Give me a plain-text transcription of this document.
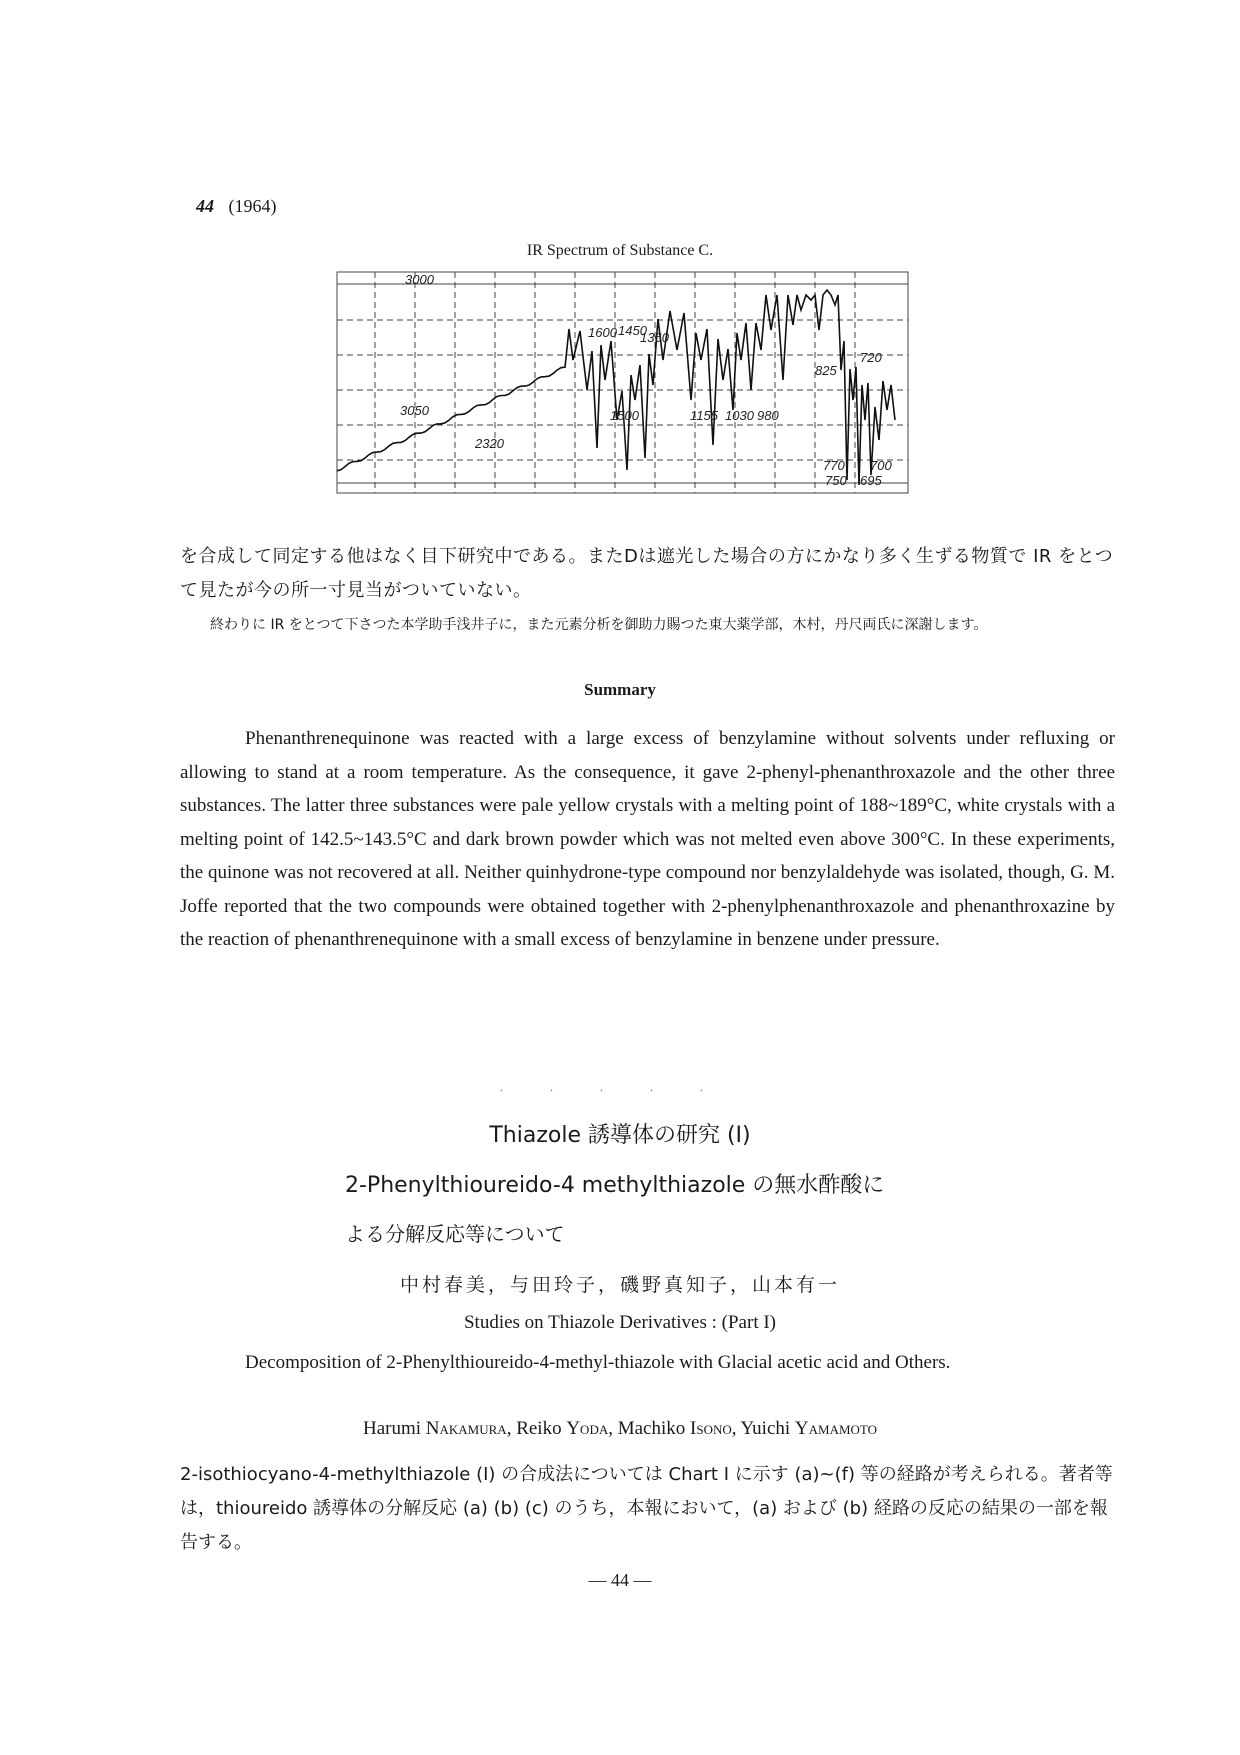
44 (1964)
IR Spectrum of Substance C.
3000
3050
2320
1600 1450
1360
1500	1155 1030 980
825
720
770 700
750 695
を合成して同定する他はなく目下研究中である。またDは遮光した場合の方にかなり多く生ずる物質で IR をとつて見たが今の所一寸見当がついていない。
終わりに IR をとつて下さつた本学助手浅井子に，また元素分析を御助力賜つた東大薬学部，木村，丹尺両氏に深謝します。
Summary
Phenanthrenequinone was reacted with a large excess of benzylamine without solvents under refluxing or allowing to stand at a room temperature. As the consequence, it gave 2-phenyl-phenanthroxazole and the other three substances. The latter three substances were pale yellow crystals with a melting point of 188~189°C, white crystals with a melting point of 142.5~143.5°C and dark brown powder which was not melted even above 300°C. In these experiments, the quinone was not recovered at all. Neither quinhydrone-type compound nor benzylaldehyde was isolated, though, G. M. Joffe reported that the two compounds were obtained together with 2-phenylphenanthroxazole and phenanthroxazine by the reaction of phenanthrenequinone with a small excess of benzylamine in benzene under pressure.
. . . . .
Thiazole 誘導体の研究 (I)
2-Phenylthioureido-4 methylthiazole の無水酢酸に
よる分解反応等について
中村春美，与田玲子，磯野真知子，山本有一
Studies on Thiazole Derivatives : (Part I)
Decomposition of 2-Phenylthioureido-4-methyl-thiazole with Glacial acetic acid and Others.
Harumi Nakamura, Reiko Yoda, Machiko Isono, Yuichi Yamamoto
2-isothiocyano-4-methylthiazole (I) の合成法については Chart I に示す (a)~(f) 等の経路が考えられる。著者等は，thioureido 誘導体の分解反応 (a) (b) (c) のうち，本報において，(a) および (b) 経路の反応の結果の一部を報告する。
— 44 —
